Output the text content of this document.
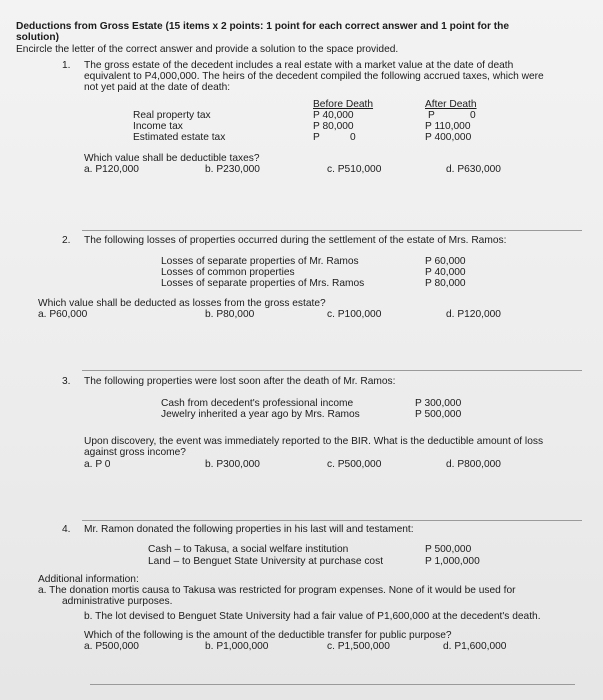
Deductions from Gross Estate (15 items x 2 points: 1 point for each correct answer and 1 point for the
solution)
Encircle the letter of the correct answer and provide a solution to the space provided.
1. The gross estate of the decedent includes a real estate with a market value at the date of death
equivalent to P4,000,000. The heirs of the decedent compiled the following accrued taxes, which were
not yet paid at the date of death:
Before Death	After Death
Real property tax	P 40,000	P	0
Income tax	P 80,000	P 110,000
Estimated estate tax	P	0	P 400,000
Which value shall be deductible taxes?
a. P120,000	b. P230,000	c. P510,000	d. P630,000
2. The following losses of properties occurred during the settlement of the estate of Mrs. Ramos:
Losses of separate properties of Mr. Ramos	P 60,000
Losses of common properties	P 40,000
Losses of separate properties of Mrs. Ramos	P 80,000
Which value shall be deducted as losses from the gross estate?
a. P60,000	b. P80,000	c. P100,000	d. P120,000
3. The following properties were lost soon after the death of Mr. Ramos:
Cash from decedent's professional income	P 300,000
Jewelry inherited a year ago by Mrs. Ramos	P 500,000
Upon discovery, the event was immediately reported to the BIR. What is the deductible amount of loss
against gross income?
a. P 0	b. P300,000	c. P500,000	d. P800,000
4. Mr. Ramon donated the following properties in his last will and testament:
Cash – to Takusa, a social welfare institution	P 500,000
Land – to Benguet State University at purchase cost	P 1,000,000
Additional information:
a. The donation mortis causa to Takusa was restricted for program expenses. None of it would be used for
administrative purposes.
b. The lot devised to Benguet State University had a fair value of P1,600,000 at the decedent's death.
Which of the following is the amount of the deductible transfer for public purpose?
a. P500,000	b. P1,000,000	c. P1,500,000	d. P1,600,000
